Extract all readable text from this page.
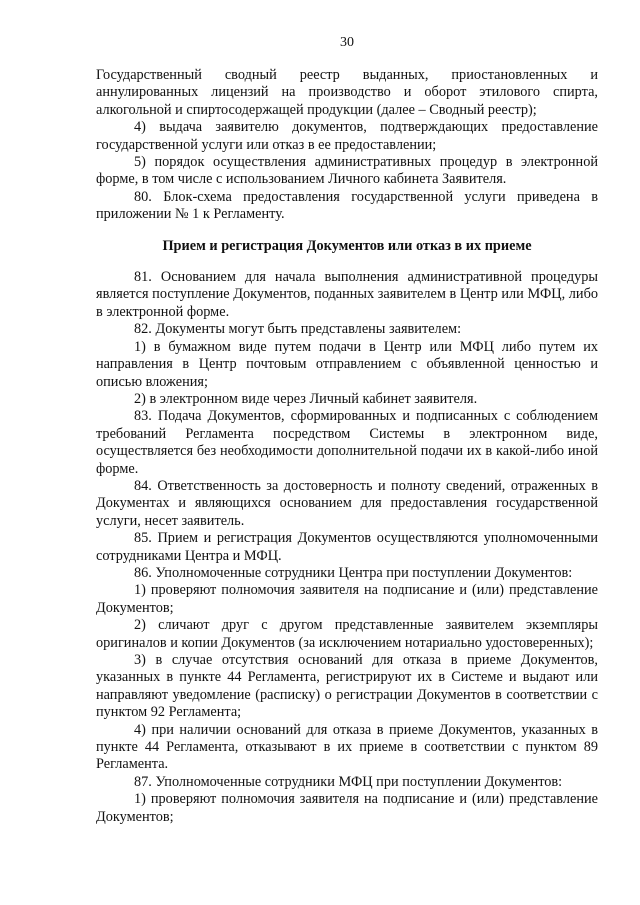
30

Государственный сводный реестр выданных, приостановленных и аннулированных лицензий на производство и оборот этилового спирта, алкогольной и спиртосодержащей продукции (далее – Сводный реестр);

4) выдача заявителю документов, подтверждающих предоставление государственной услуги или отказ в ее предоставлении;

5) порядок осуществления административных процедур в электронной форме, в том числе с использованием Личного кабинета Заявителя.

80. Блок-схема предоставления государственной услуги приведена в приложении № 1 к Регламенту.

Прием и регистрация Документов или отказ в их приеме

81. Основанием для начала выполнения административной процедуры является поступление Документов, поданных заявителем в Центр или МФЦ, либо в электронной форме.

82. Документы могут быть представлены заявителем:

1) в бумажном виде путем подачи в Центр или МФЦ либо путем их направления в Центр почтовым отправлением с объявленной ценностью и описью вложения;

2) в электронном виде через Личный кабинет заявителя.

83. Подача Документов, сформированных и подписанных с соблюдением требований Регламента посредством Системы в электронном виде, осуществляется без необходимости дополнительной подачи их в какой-либо иной форме.

84. Ответственность за достоверность и полноту сведений, отраженных в Документах и являющихся основанием для предоставления государственной услуги, несет заявитель.

85. Прием и регистрация Документов осуществляются уполномоченными сотрудниками Центра и МФЦ.

86. Уполномоченные сотрудники Центра при поступлении Документов:

1) проверяют полномочия заявителя на подписание и (или) представление Документов;

2) сличают друг с другом представленные заявителем экземпляры оригиналов и копии Документов (за исключением нотариально удостоверенных);

3) в случае отсутствия оснований для отказа в приеме Документов, указанных в пункте 44 Регламента, регистрируют их в Системе и выдают или направляют уведомление (расписку) о регистрации Документов в соответствии с пунктом 92 Регламента;

4) при наличии оснований для отказа в приеме Документов, указанных в пункте 44 Регламента, отказывают в их приеме в соответствии с пунктом 89 Регламента.

87. Уполномоченные сотрудники МФЦ при поступлении Документов:

1) проверяют полномочия заявителя на подписание и (или) представление Документов;
